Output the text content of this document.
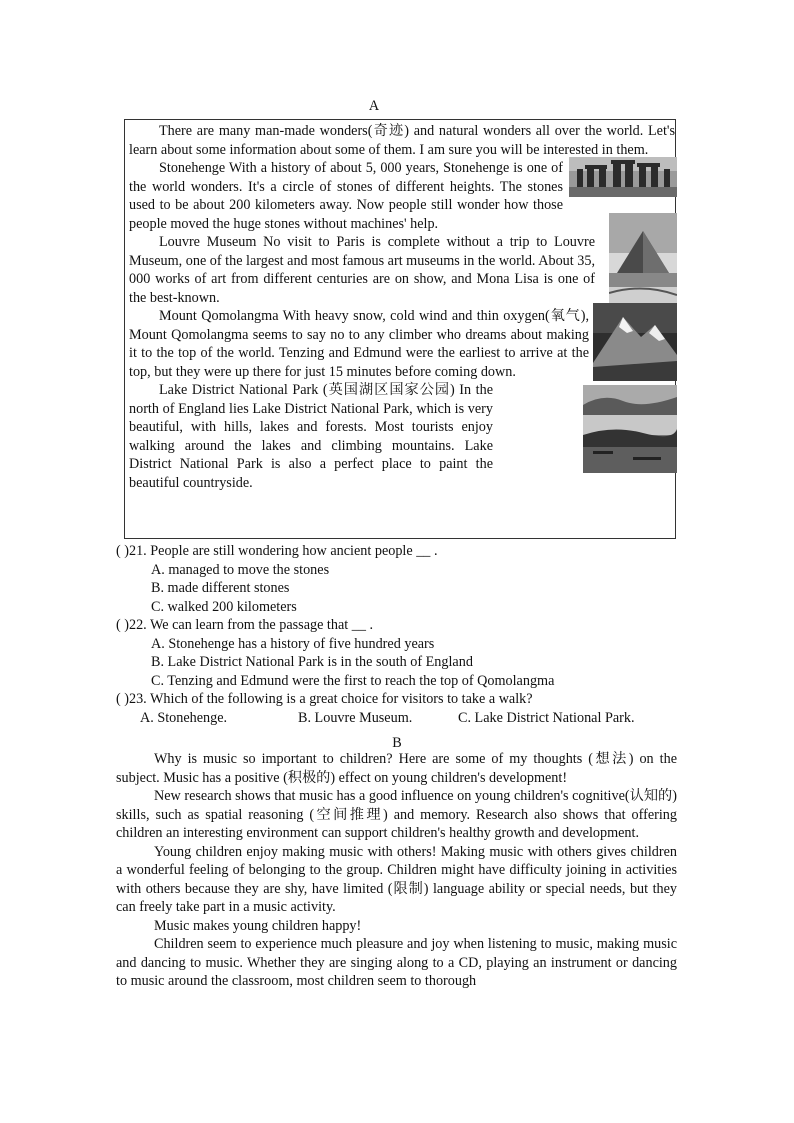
A

There are many man-made wonders(奇迹) and natural wonders all over the world. Let's learn about some information about some of them. I am sure you will be interested in them.

Stonehenge With a history of about 5, 000 years, Stonehenge is one of the world wonders. It's a circle of stones of different heights. The stones used to be about 200 kilometers away. Now people still wonder how those people moved the huge stones without machines' help.

Louvre Museum No visit to Paris is complete without a trip to Louvre Museum, one of the largest and most famous art museums in the world. About 35, 000 works of art from different centuries are on show, and Mona Lisa is one of the best-known.

Mount Qomolangma With heavy snow, cold wind and thin oxygen(氧气), Mount Qomolangma seems to say no to any climber who dreams about making it to the top of the world. Tenzing and Edmund were the earliest to arrive at the top, but they were up there for just 15 minutes before coming down.

Lake District National Park (英国湖区国家公园) In the north of England lies Lake District National Park, which is very beautiful, with hills, lakes and forests. Most tourists enjoy walking around the lakes and climbing mountains. Lake District National Park is also a perfect place to paint the beautiful countryside.

( )21. People are still wondering how ancient people __ .

A. managed to move the stones

B. made different stones

C. walked 200 kilometers

( )22. We can learn from the passage that __ .

A. Stonehenge has a history of five hundred years

B. Lake District National Park is in the south of England

C. Tenzing and Edmund were the first to reach the top of Qomolangma

( )23. Which of the following is a great choice for visitors to take a walk?

A. Stonehenge.	B. Louvre Museum.	C. Lake District National Park.
B

Why is music so important to children? Here are some of my thoughts (想法) on the subject. Music has a positive (积极的) effect on young children's development!

New research shows that music has a good influence on young children's cognitive(认知的) skills, such as spatial reasoning (空间推理) and memory. Research also shows that offering children an interesting environment can support children's healthy growth and development.

Young children enjoy making music with others! Making music with others gives children a wonderful feeling of belonging to the group. Children might have difficulty joining in activities with others because they are shy, have limited (限制) language ability or special needs, but they can freely take part in a music activity.

Music makes young children happy!

Children seem to experience much pleasure and joy when listening to music, making music and dancing to music. Whether they are singing along to a CD, playing an instrument or dancing to music around the classroom, most children seem to thorough
